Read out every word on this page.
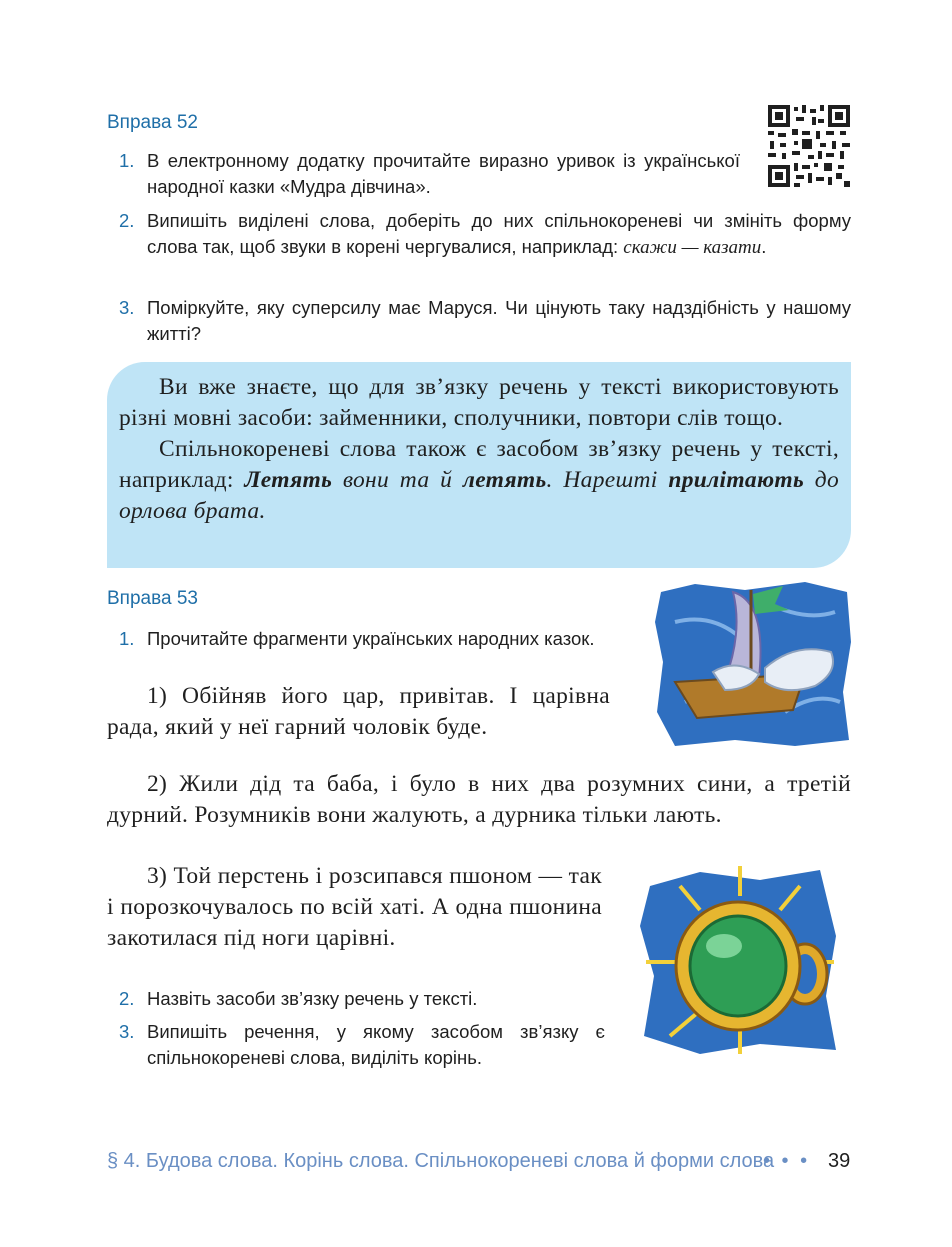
Вправа 52
1. В електронному додатку прочитайте виразно уривок із української народної казки «Мудра дівчина».
2. Випишіть виділені слова, доберіть до них спільнокореневі чи змініть форму слова так, щоб звуки в корені чергувалися, наприклад: скажи — казати.
3. Поміркуйте, яку суперсилу має Маруся. Чи цінують таку надздібність у нашому житті?

Ви вже знаєте, що для зв’язку речень у тексті використовують різні мовні засоби: займенники, сполучники, повтори слів тощо.

Спільнокореневі слова також є засобом зв’язку речень у тексті, наприклад: Летять вони та й летять. Нарешті прилітають до орлова брата.

Вправа 53
1. Прочитайте фрагменти українських народних казок.
1) Обійняв його цар, привітав. І царівна рада, який у неї гарний чоловік буде.
2) Жили дід та баба, і було в них два розумних сини, а третій дурний. Розумників вони жалують, а дурника тільки лають.
3) Той перстень і розсипався пшоном — так і порозкочувалось по всій хаті. А одна пшонина закотилася під ноги царівні.
2. Назвіть засоби зв’язку речень у тексті.
3. Випишіть речення, у якому засобом зв’язку є спільнокореневі слова, виділіть корінь.
§ 4. Будова слова. Корінь слова. Спільнокореневі слова й форми слова
• • • 39
